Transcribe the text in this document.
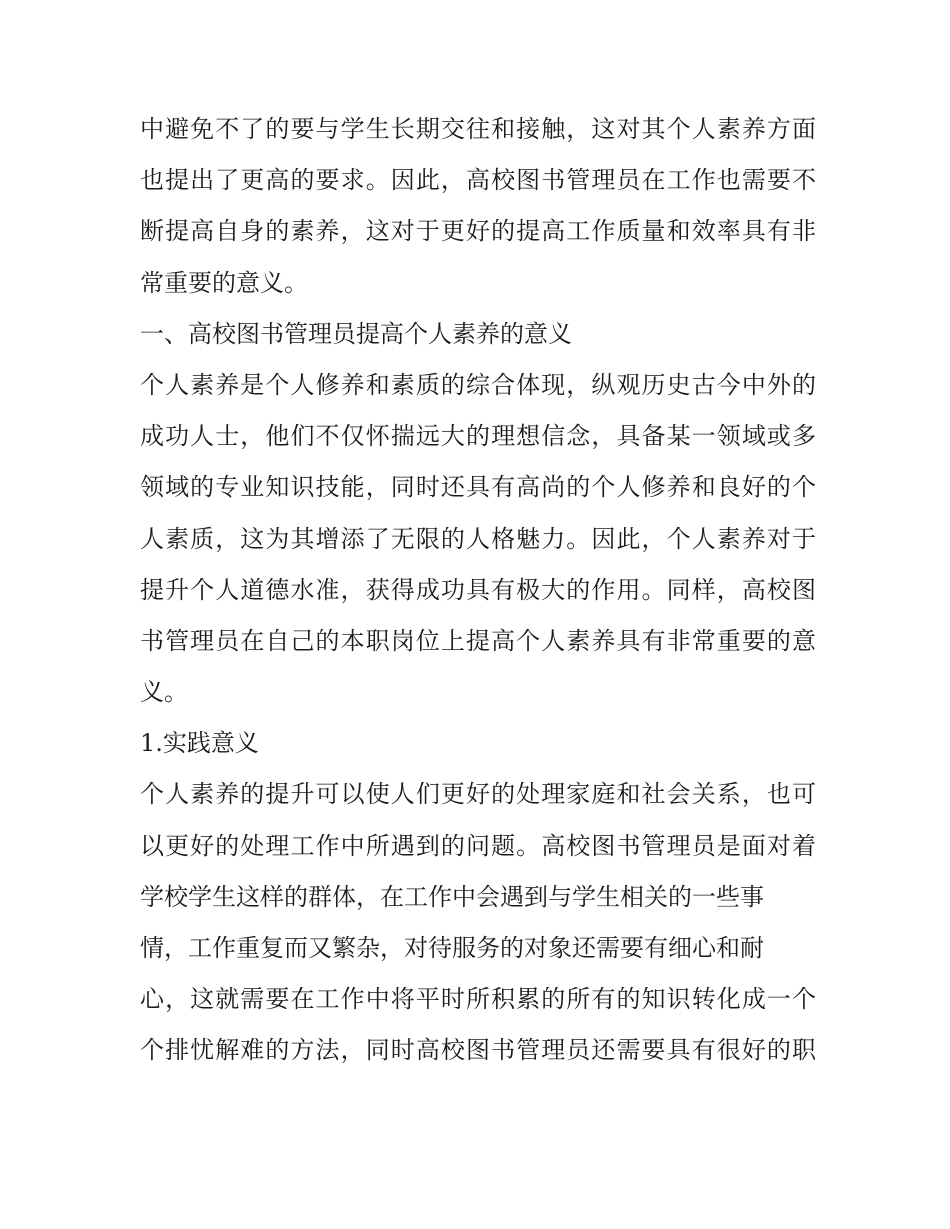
中避免不了的要与学生长期交往和接触，这对其个人素养方面
也提出了更高的要求。因此，高校图书管理员在工作也需要不
断提高自身的素养，这对于更好的提高工作质量和效率具有非
常重要的意义。
一、高校图书管理员提高个人素养的意义
个人素养是个人修养和素质的综合体现，纵观历史古今中外的
成功人士，他们不仅怀揣远大的理想信念，具备某一领域或多
领域的专业知识技能，同时还具有高尚的个人修养和良好的个
人素质，这为其增添了无限的人格魅力。因此，个人素养对于
提升个人道德水准，获得成功具有极大的作用。同样，高校图
书管理员在自己的本职岗位上提高个人素养具有非常重要的意
义。
1.实践意义
个人素养的提升可以使人们更好的处理家庭和社会关系，也可
以更好的处理工作中所遇到的问题。高校图书管理员是面对着
学校学生这样的群体，在工作中会遇到与学生相关的一些事
情，工作重复而又繁杂，对待服务的对象还需要有细心和耐
心，这就需要在工作中将平时所积累的所有的知识转化成一个
个排忧解难的方法，同时高校图书管理员还需要具有很好的职
